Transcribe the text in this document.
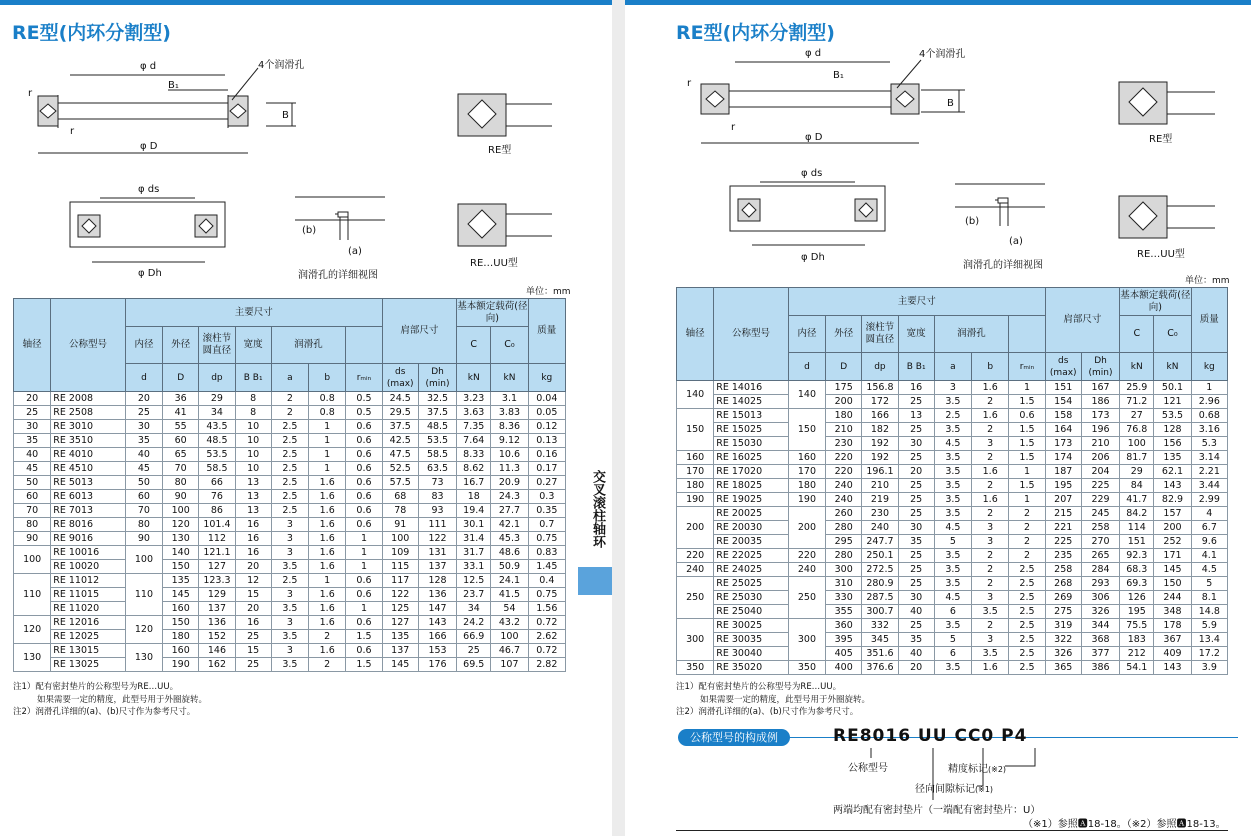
RE型(内环分割型)
φ d
B₁
B
r
r
φ D
4个润滑孔
RE型
φ ds
φ Dh
(b)
(a)
润滑孔的详细视图
RE…UU型
单位：mm
轴径	公称型号	主要尺寸							肩部尺寸		基本额定载荷(径向)		质量
		内径	外径	滚柱节圆直径	宽度	润滑孔					C	C₀	
		d	D	dp	B B₁	a	b	rₘᵢₙ	ds (max)	Dh (min)	kN	kN	kg
20	RE 2008	20	36	29	8	2	0.8	0.5	24.5	32.5	3.23	3.1	0.04
25	RE 2508	25	41	34	8	2	0.8	0.5	29.5	37.5	3.63	3.83	0.05
30	RE 3010	30	55	43.5	10	2.5	1	0.6	37.5	48.5	7.35	8.36	0.12
35	RE 3510	35	60	48.5	10	2.5	1	0.6	42.5	53.5	7.64	9.12	0.13
40	RE 4010	40	65	53.5	10	2.5	1	0.6	47.5	58.5	8.33	10.6	0.16
45	RE 4510	45	70	58.5	10	2.5	1	0.6	52.5	63.5	8.62	11.3	0.17
50	RE 5013	50	80	66	13	2.5	1.6	0.6	57.5	73	16.7	20.9	0.27
60	RE 6013	60	90	76	13	2.5	1.6	0.6	68	83	18	24.3	0.3
70	RE 7013	70	100	86	13	2.5	1.6	0.6	78	93	19.4	27.7	0.35
80	RE 8016	80	120	101.4	16	3	1.6	0.6	91	111	30.1	42.1	0.7
90	RE 9016	90	130	112	16	3	1.6	1	100	122	31.4	45.3	0.75
100	RE 10016	100	140	121.1	16	3	1.6	1	109	131	31.7	48.6	0.83
	RE 10020		150	127	20	3.5	1.6	1	115	137	33.1	50.9	1.45
110	RE 11012	110	135	123.3	12	2.5	1	0.6	117	128	12.5	24.1	0.4
	RE 11015		145	129	15	3	1.6	0.6	122	136	23.7	41.5	0.75
	RE 11020		160	137	20	3.5	1.6	1	125	147	34	54	1.56
120	RE 12016	120	150	136	16	3	1.6	0.6	127	143	24.2	43.2	0.72
	RE 12025		180	152	25	3.5	2	1.5	135	166	66.9	100	2.62
130	RE 13015	130	160	146	15	3	1.6	0.6	137	153	25	46.7	0.72
	RE 13025		190	162	25	3.5	2	1.5	145	176	69.5	107	2.82
注1）配有密封垫片的公称型号为RE…UU。
如果需要一定的精度，此型号用于外圈旋转。
注2）润滑孔详细的(a)、(b)尺寸作为参考尺寸。
交叉滚柱轴环
RE型(内环分割型)
φ d
B₁
B
r
r
φ D
4个润滑孔
RE型
φ ds
φ Dh
(b)
(a)
润滑孔的详细视图
RE…UU型
单位：mm
轴径	公称型号	主要尺寸							肩部尺寸		基本额定载荷(径向)		质量
		内径	外径	滚柱节圆直径	宽度	润滑孔					C	C₀	
		d	D	dp	B B₁	a	b	rₘᵢₙ	ds (max)	Dh (min)	kN	kN	kg
140	RE 14016	140	175	156.8	16	3	1.6	1	151	167	25.9	50.1	1
	RE 14025		200	172	25	3.5	2	1.5	154	186	71.2	121	2.96
150	RE 15013	150	180	166	13	2.5	1.6	0.6	158	173	27	53.5	0.68
	RE 15025		210	182	25	3.5	2	1.5	164	196	76.8	128	3.16
	RE 15030		230	192	30	4.5	3	1.5	173	210	100	156	5.3
160	RE 16025	160	220	192	25	3.5	2	1.5	174	206	81.7	135	3.14
170	RE 17020	170	220	196.1	20	3.5	1.6	1	187	204	29	62.1	2.21
180	RE 18025	180	240	210	25	3.5	2	1.5	195	225	84	143	3.44
190	RE 19025	190	240	219	25	3.5	1.6	1	207	229	41.7	82.9	2.99
200	RE 20025	200	260	230	25	3.5	2	2	215	245	84.2	157	4
	RE 20030		280	240	30	4.5	3	2	221	258	114	200	6.7
	RE 20035		295	247.7	35	5	3	2	225	270	151	252	9.6
220	RE 22025	220	280	250.1	25	3.5	2	2	235	265	92.3	171	4.1
240	RE 24025	240	300	272.5	25	3.5	2	2.5	258	284	68.3	145	4.5
250	RE 25025	250	310	280.9	25	3.5	2	2.5	268	293	69.3	150	5
	RE 25030		330	287.5	30	4.5	3	2.5	269	306	126	244	8.1
	RE 25040		355	300.7	40	6	3.5	2.5	275	326	195	348	14.8
300	RE 30025	300	360	332	25	3.5	2	2.5	319	344	75.5	178	5.9
	RE 30035		395	345	35	5	3	2.5	322	368	183	367	13.4
	RE 30040		405	351.6	40	6	3.5	2.5	326	377	212	409	17.2
350	RE 35020	350	400	376.6	20	3.5	1.6	2.5	365	386	54.1	143	3.9
注1）配有密封垫片的公称型号为RE…UU。
如果需要一定的精度，此型号用于外圈旋转。
注2）润滑孔详细的(a)、(b)尺寸作为参考尺寸。
公称型号的构成例	RE8016 UU CC0 P4
公称型号	精度标记(※2)
径向间隙标记(※1)
两端均配有密封垫片（一端配有密封垫片：U）
（※1）参照🅰18-18。（※2）参照🅰18-13。
